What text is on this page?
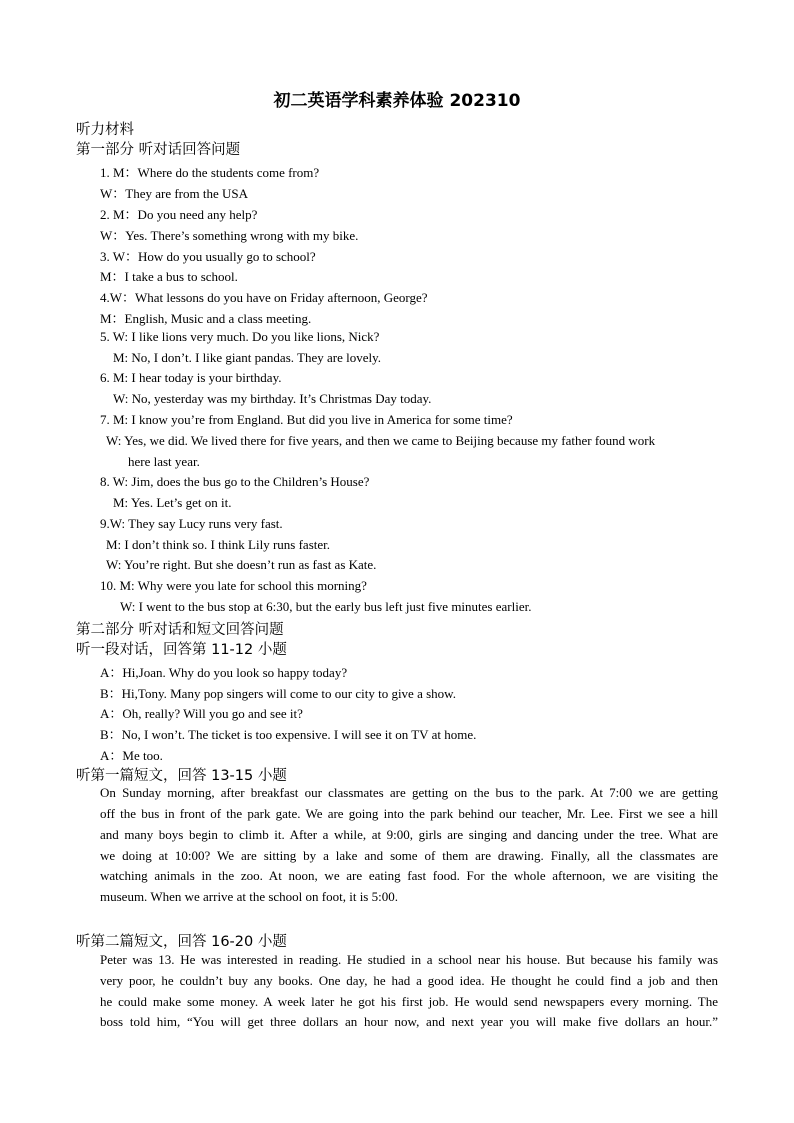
初二英语学科素养体验 202310
听力材料
第一部分 听对话回答问题
1. M：Where do the students come from?
W：They are from the USA
2. M：Do you need any help?
W：Yes. There’s something wrong with my bike.
3. W：How do you usually go to school?
M：I take a bus to school.
4.W：What lessons do you have on Friday afternoon, George?
M：English, Music and a class meeting.
5. W: I like lions very much. Do you like lions, Nick?
M: No, I don’t. I like giant pandas. They are lovely.
6. M: I hear today is your birthday.
W: No, yesterday was my birthday. It’s Christmas Day today.
7. M: I know you’re from England. But did you live in America for some time?
W: Yes, we did. We lived there for five years, and then we came to Beijing because my father found work
here last year.
8. W: Jim, does the bus go to the Children’s House?
M: Yes. Let’s get on it.
9.W: They say Lucy runs very fast.
M: I don’t think so. I think Lily runs faster.
W: You’re right. But she doesn’t run as fast as Kate.
10. M: Why were you late for school this morning?
W: I went to the bus stop at 6:30, but the early bus left just five minutes earlier.
第二部分 听对话和短文回答问题
听一段对话，回答第 11-12 小题
A：Hi,Joan. Why do you look so happy today?
B：Hi,Tony. Many pop singers will come to our city to give a show.
A：Oh, really? Will you go and see it?
B：No, I won’t. The ticket is too expensive. I will see it on TV at home.
A：Me too.
听第一篇短文，回答 13-15 小题
On Sunday morning, after breakfast our classmates are getting on the bus to the park. At 7:00 we are getting
off the bus in front of the park gate. We are going into the park behind our teacher, Mr. Lee. First we see a hill
and many boys begin to climb it. After a while, at 9:00, girls are singing and dancing under the tree. What are
we doing at 10:00? We are sitting by a lake and some of them are drawing. Finally, all the classmates are
watching animals in the zoo. At noon, we are eating fast food. For the whole afternoon, we are visiting the
museum. When we arrive at the school on foot, it is 5:00.
听第二篇短文，回答 16-20 小题
Peter was 13. He was interested in reading. He studied in a school near his house. But because his family was
very poor, he couldn’t buy any books. One day, he had a good idea. He thought he could find a job and then
he could make some money. A week later he got his first job. He would send newspapers every morning. The
boss told him, “You will get three dollars an hour now, and next year you will make five dollars an hour.”
